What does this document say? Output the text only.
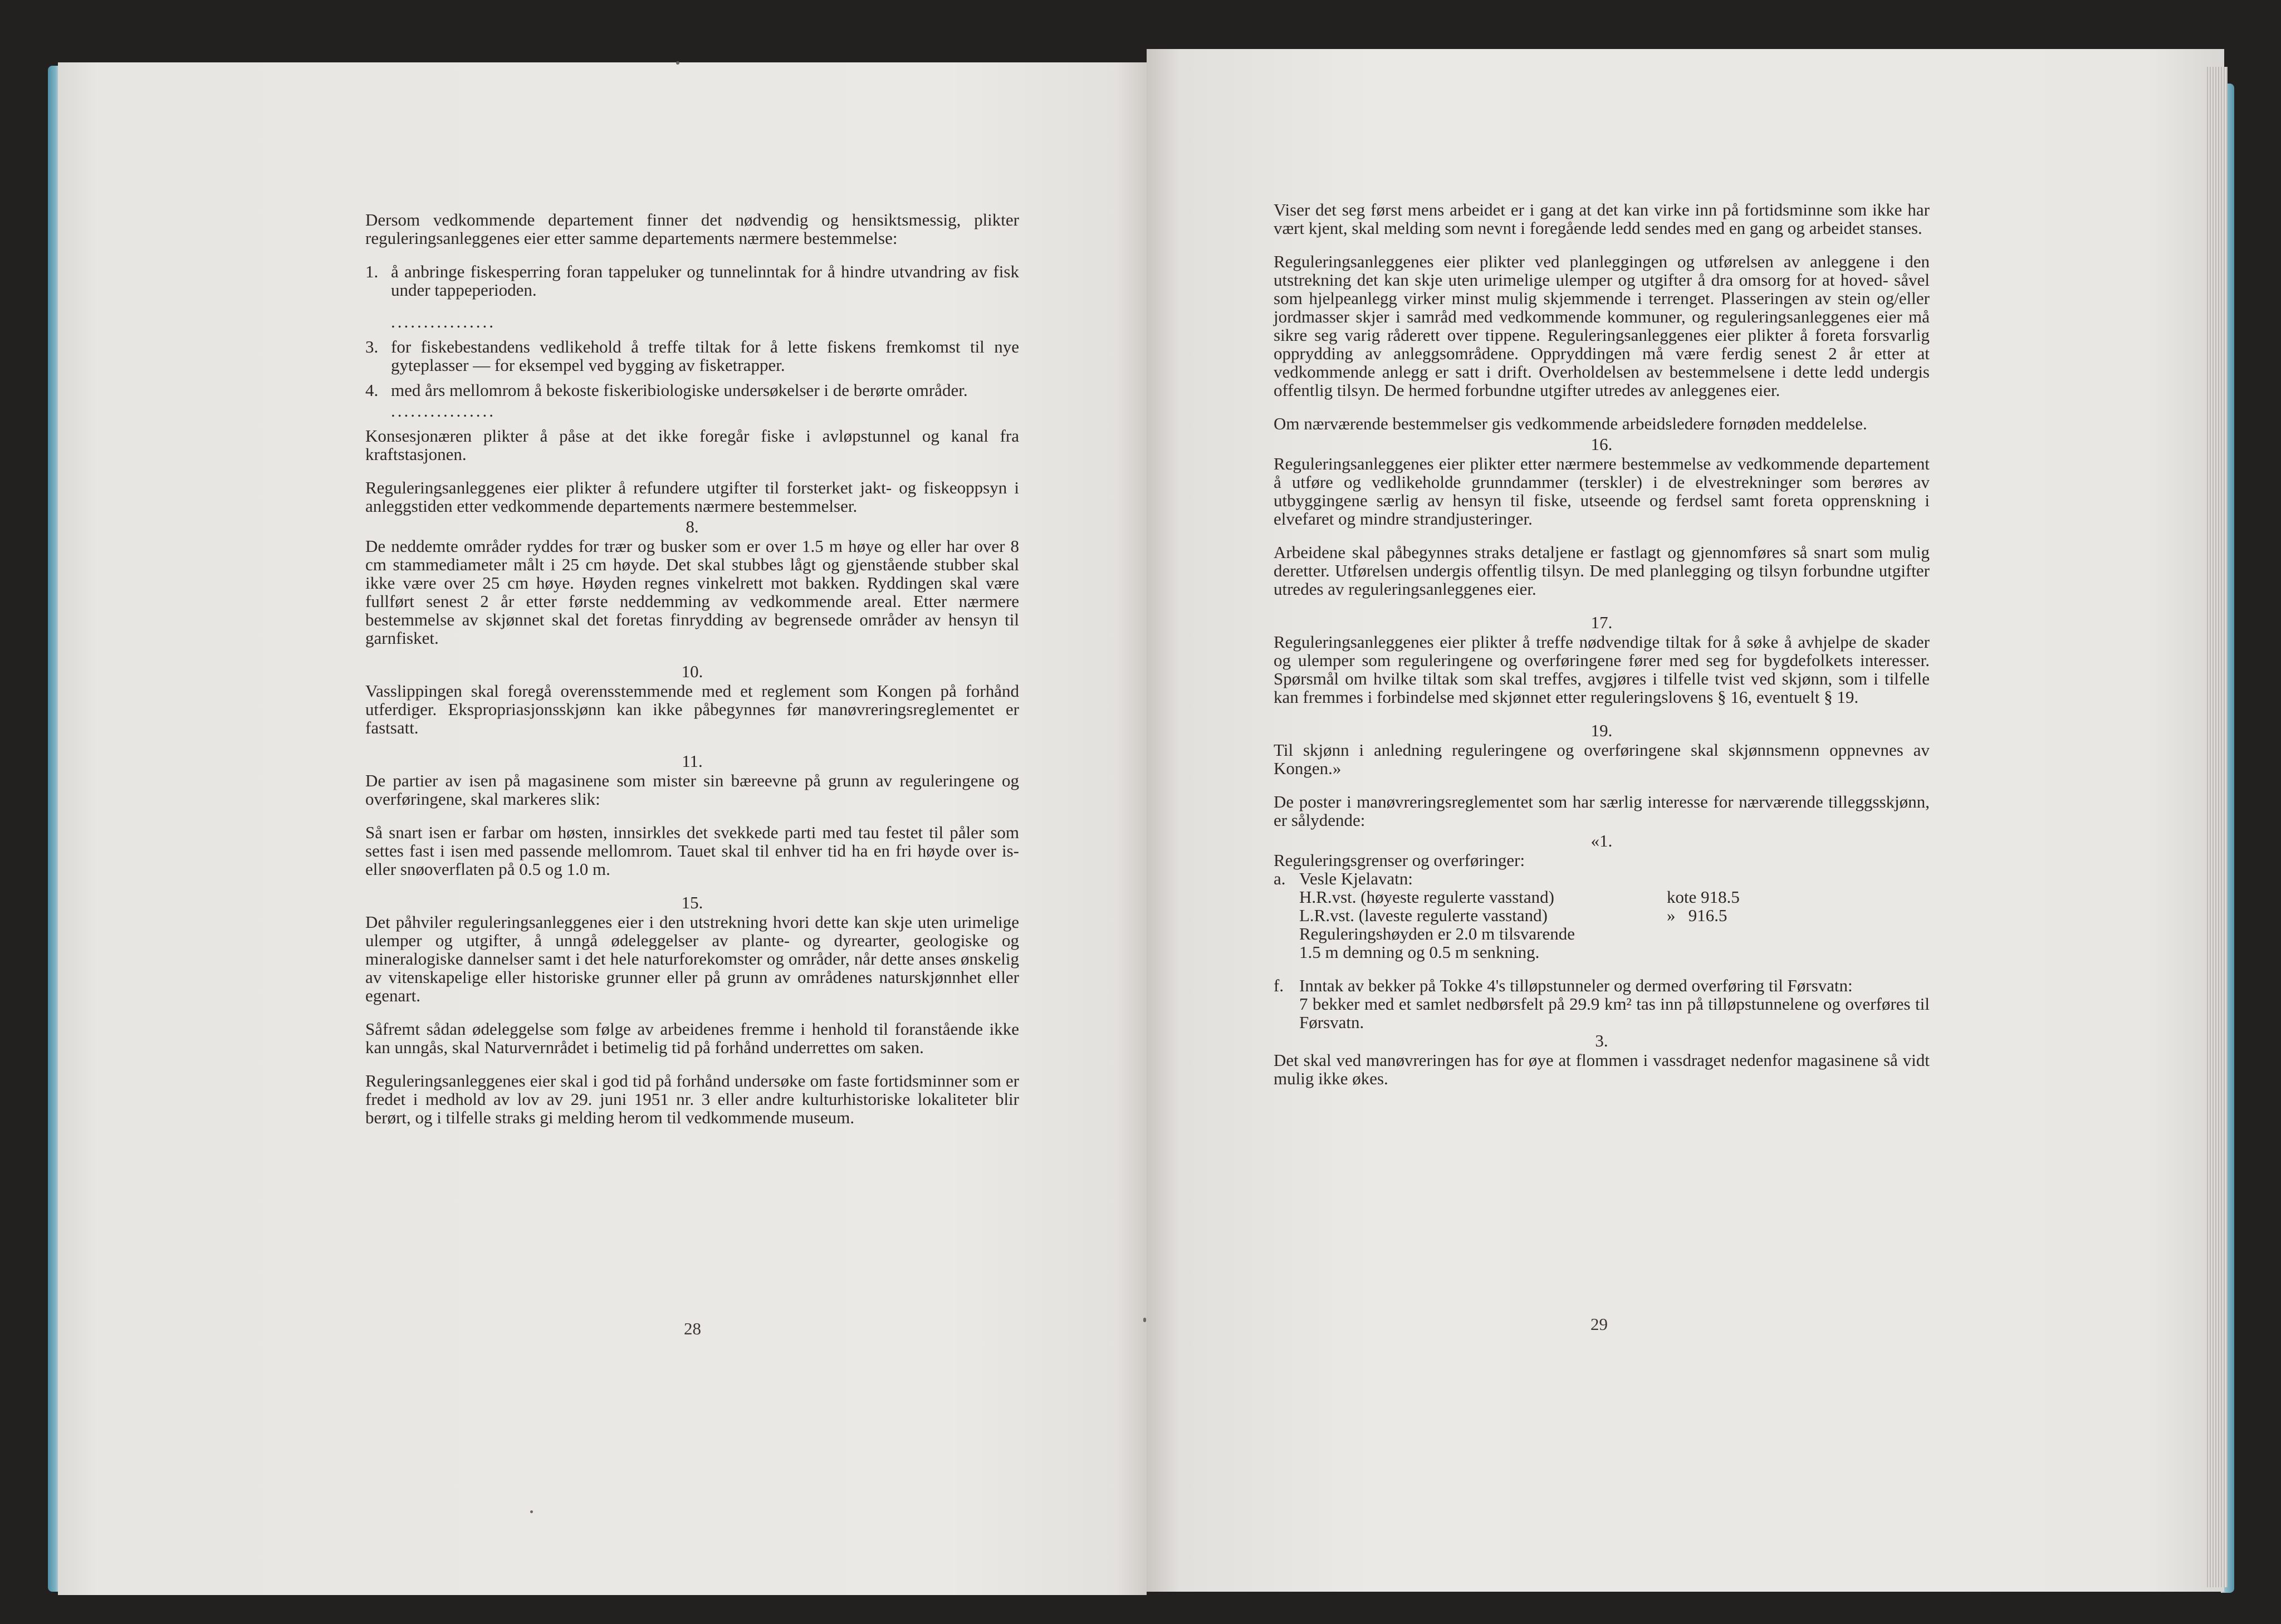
Dersom vedkommende departement finner det nødvendig og hensiktsmessig, plikter reguleringsanleggenes eier etter samme departements nærmere bestemmelse:

1. å anbringe fiskesperring foran tappeluker og tunnelinntak for å hindre utvandring av fisk under tappeperioden.
................
3. for fiskebestandens vedlikehold å treffe tiltak for å lette fiskens fremkomst til nye gyteplasser — for eksempel ved bygging av fisketrapper.
4. med års mellomrom å bekoste fiskeribiologiske undersøkelser i de berørte områder.
................

Konsesjonæren plikter å påse at det ikke foregår fiske i avløpstunnel og kanal fra kraftstasjonen.

Reguleringsanleggenes eier plikter å refundere utgifter til forsterket jakt- og fiskeoppsyn i anleggstiden etter vedkommende departements nærmere bestemmelser.

8.

De neddemte områder ryddes for trær og busker som er over 1.5 m høye og eller har over 8 cm stammediameter målt i 25 cm høyde. Det skal stubbes lågt og gjenstående stubber skal ikke være over 25 cm høye. Høyden regnes vinkelrett mot bakken. Ryddingen skal være fullført senest 2 år etter første neddemming av vedkommende areal. Etter nærmere bestemmelse av skjønnet skal det foretas finrydding av begrensede områder av hensyn til garnfisket.

10.

Vasslippingen skal foregå overensstemmende med et reglement som Kongen på forhånd utferdiger. Ekspropriasjonsskjønn kan ikke påbegynnes før manøvreringsreglementet er fastsatt.

11.

De partier av isen på magasinene som mister sin bæreevne på grunn av reguleringene og overføringene, skal markeres slik:

Så snart isen er farbar om høsten, innsirkles det svekkede parti med tau festet til påler som settes fast i isen med passende mellomrom. Tauet skal til enhver tid ha en fri høyde over is- eller snøoverflaten på 0.5 og 1.0 m.

15.

Det påhviler reguleringsanleggenes eier i den utstrekning hvori dette kan skje uten urimelige ulemper og utgifter, å unngå ødeleggelser av plante- og dyrearter, geologiske og mineralogiske dannelser samt i det hele naturforekomster og områder, når dette anses ønskelig av vitenskapelige eller historiske grunner eller på grunn av områdenes naturskjønnhet eller egenart.

Såfremt sådan ødeleggelse som følge av arbeidenes fremme i henhold til foranstående ikke kan unngås, skal Naturvernrådet i betimelig tid på forhånd underrettes om saken.

Reguleringsanleggenes eier skal i god tid på forhånd undersøke om faste fortidsminner som er fredet i medhold av lov av 29. juni 1951 nr. 3 eller andre kulturhistoriske lokaliteter blir berørt, og i tilfelle straks gi melding herom til vedkommende museum.

28

Viser det seg først mens arbeidet er i gang at det kan virke inn på fortidsminne som ikke har vært kjent, skal melding som nevnt i foregående ledd sendes med en gang og arbeidet stanses.

Reguleringsanleggenes eier plikter ved planleggingen og utførelsen av anleggene i den utstrekning det kan skje uten urimelige ulemper og utgifter å dra omsorg for at hoved- såvel som hjelpeanlegg virker minst mulig skjemmende i terrenget. Plasseringen av stein og/eller jordmasser skjer i samråd med vedkommende kommuner, og reguleringsanleggenes eier må sikre seg varig råderett over tippene. Reguleringsanleggenes eier plikter å foreta forsvarlig opprydding av anleggsområdene. Oppryddingen må være ferdig senest 2 år etter at vedkommende anlegg er satt i drift. Overholdelsen av bestemmelsene i dette ledd undergis offentlig tilsyn. De hermed forbundne utgifter utredes av anleggenes eier.

Om nærværende bestemmelser gis vedkommende arbeidsledere fornøden meddelelse.

16.

Reguleringsanleggenes eier plikter etter nærmere bestemmelse av vedkommende departement å utføre og vedlikeholde grunndammer (terskler) i de elvestrekninger som berøres av utbyggingene særlig av hensyn til fiske, utseende og ferdsel samt foreta opprenskning i elvefaret og mindre strandjusteringer.

Arbeidene skal påbegynnes straks detaljene er fastlagt og gjennomføres så snart som mulig deretter. Utførelsen undergis offentlig tilsyn. De med planlegging og tilsyn forbundne utgifter utredes av reguleringsanleggenes eier.

17.

Reguleringsanleggenes eier plikter å treffe nødvendige tiltak for å søke å avhjelpe de skader og ulemper som reguleringene og overføringene fører med seg for bygdefolkets interesser. Spørsmål om hvilke tiltak som skal treffes, avgjøres i tilfelle tvist ved skjønn, som i tilfelle kan fremmes i forbindelse med skjønnet etter reguleringslovens § 16, eventuelt § 19.

19.

Til skjønn i anledning reguleringene og overføringene skal skjønnsmenn oppnevnes av Kongen.»

De poster i manøvreringsreglementet som har særlig interesse for nærværende tilleggsskjønn, er sålydende:

«1.
Reguleringsgrenser og overføringer:
a. Vesle Kjelavatn:
H.R.vst. (høyeste regulerte vasstand)	kote 918.5
L.R.vst. (laveste regulerte vasstand)	»   916.5
Reguleringshøyden er 2.0 m tilsvarende
1.5 m demning og 0.5 m senkning.
f. Inntak av bekker på Tokke 4's tilløpstunneler og dermed overføring til Førsvatn:
7 bekker med et samlet nedbørsfelt på 29.9 km² tas inn på tilløpstunnelene og overføres til Førsvatn.
3.

Det skal ved manøvreringen has for øye at flommen i vassdraget nedenfor magasinene så vidt mulig ikke økes.

29
